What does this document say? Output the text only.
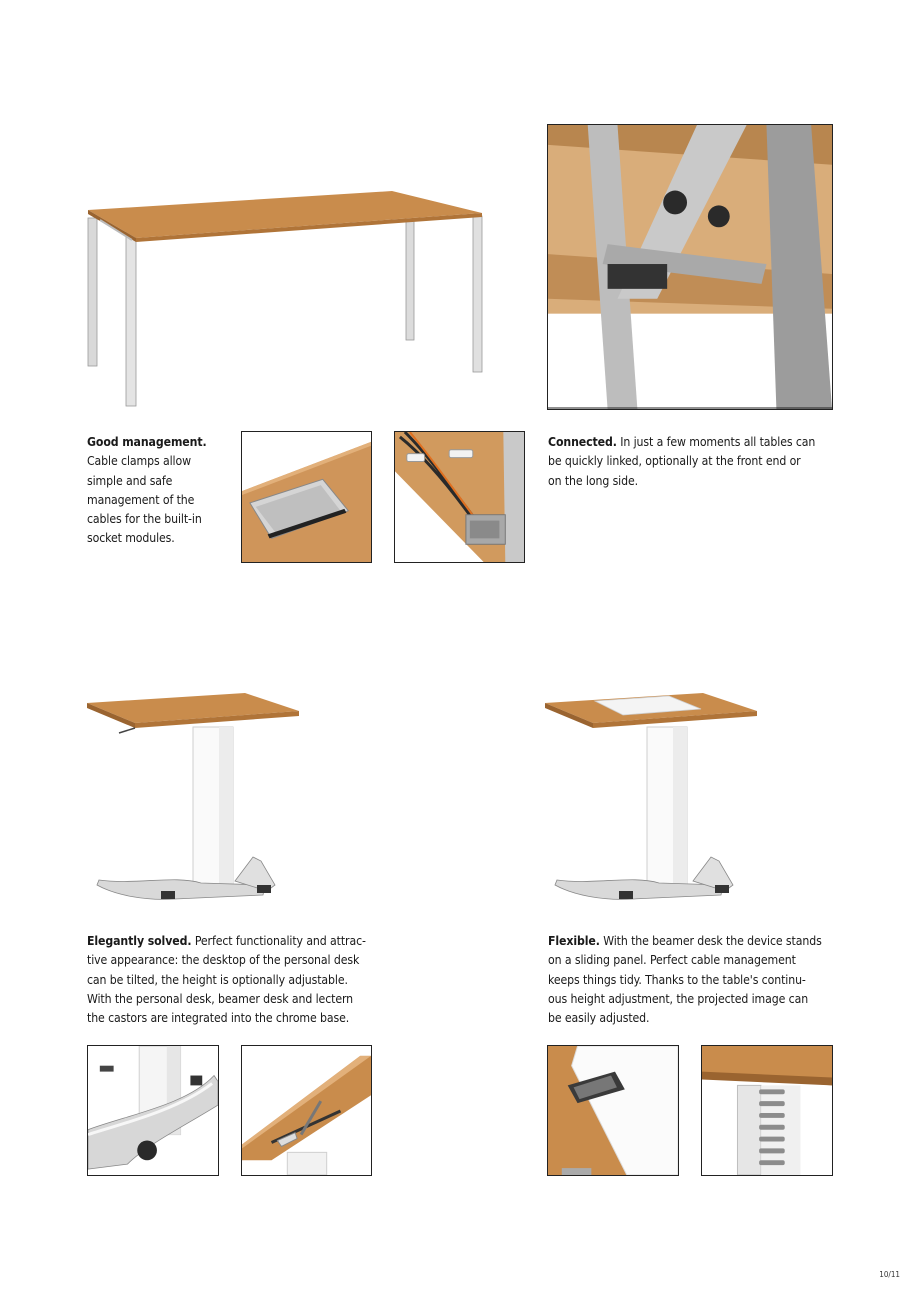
Good management.
Cable clamps allow
simple and safe
management of the
cables for the built-in
socket modules.
Connected. In just a few moments all tables can
be quickly linked, optionally at the front end or
on the long side.
Elegantly solved. Perfect functionality and attrac-
tive appearance: the desktop of the personal desk
can be tilted, the height is optionally adjustable.
With the personal desk, beamer desk and lectern
the castors are integrated into the chrome base.
Flexible. With the beamer desk the device stands
on a sliding panel. Perfect cable management
keeps things tidy. Thanks to the table's continu-
ous height adjustment, the projected image can
be easily adjusted.
10/11
